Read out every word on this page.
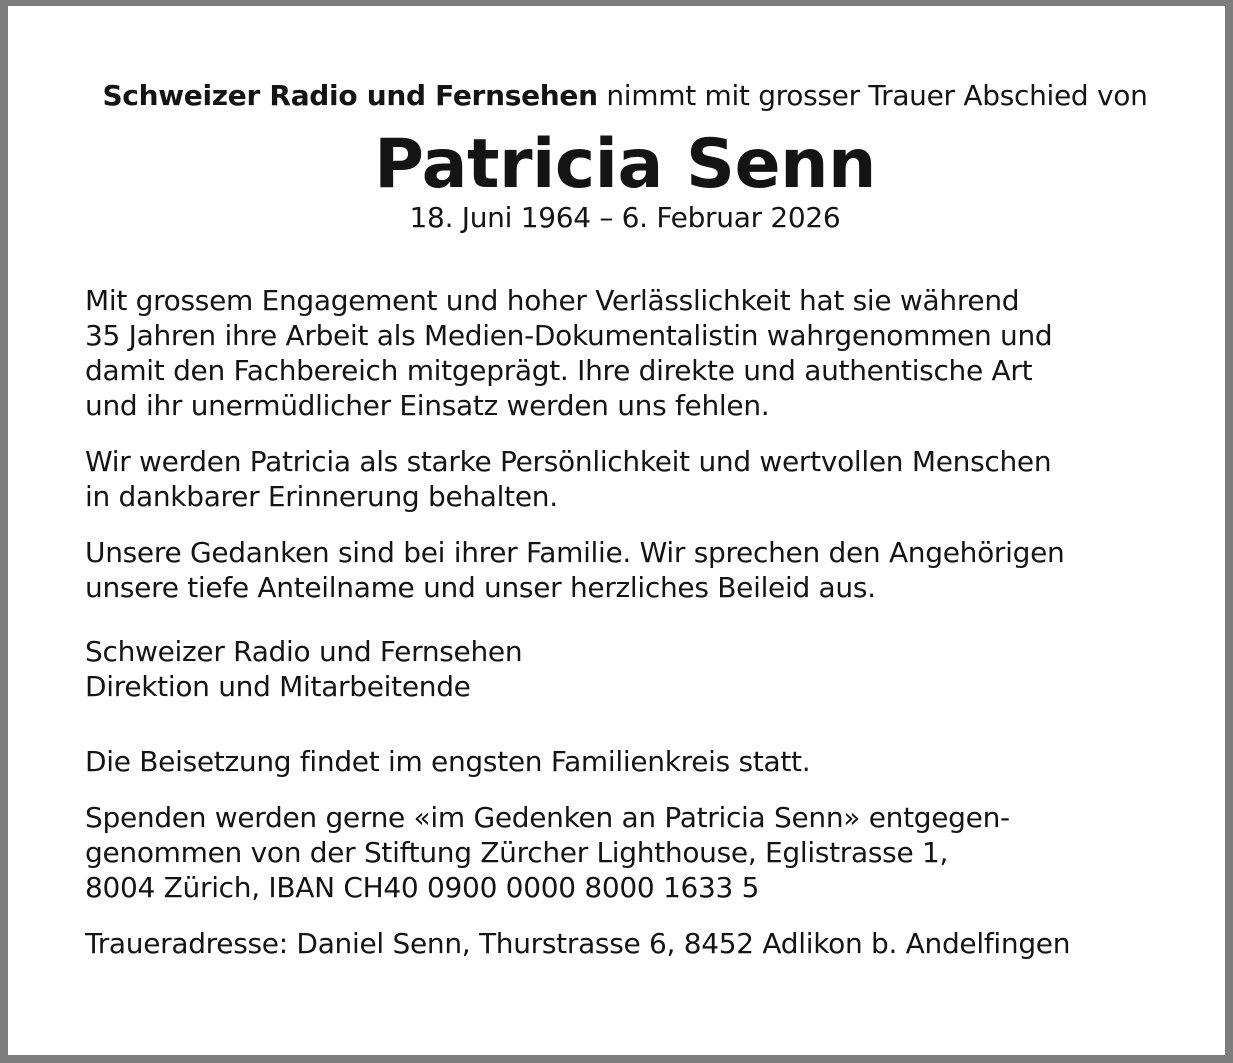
Schweizer Radio und Fernsehen nimmt mit grosser Trauer Abschied von
Patricia Senn
18. Juni 1964 – 6. Februar 2026

Mit grossem Engagement und hoher Verlässlichkeit hat sie während
35 Jahren ihre Arbeit als Medien-Dokumentalistin wahrgenommen und
damit den Fachbereich mitgeprägt. Ihre direkte und authentische Art
und ihr unermüdlicher Einsatz werden uns fehlen.

Wir werden Patricia als starke Persönlichkeit und wertvollen Menschen
in dankbarer Erinnerung behalten.

Unsere Gedanken sind bei ihrer Familie. Wir sprechen den Angehörigen
unsere tiefe Anteilname und unser herzliches Beileid aus.

Schweizer Radio und Fernsehen
Direktion und Mitarbeitende

Die Beisetzung findet im engsten Familienkreis statt.

Spenden werden gerne «im Gedenken an Patricia Senn» entgegen-
genommen von der Stiftung Zürcher Lighthouse, Eglistrasse 1,
8004 Zürich, IBAN CH40 0900 0000 8000 1633 5

Traueradresse: Daniel Senn, Thurstrasse 6, 8452 Adlikon b. Andelfingen
